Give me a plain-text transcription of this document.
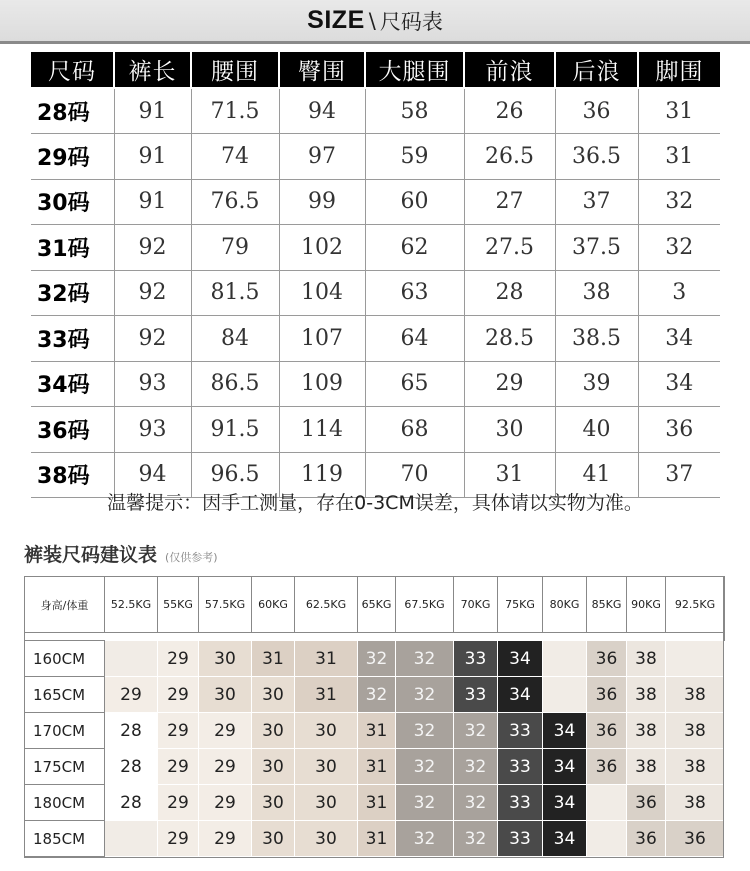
SIZE \ 尺码表
尺码	裤长	腰围	臀围	大腿围	前浪	后浪	脚围
28码	91	71.5	94	58	26	36	31
29码	91	74	97	59	26.5	36.5	31
30码	91	76.5	99	60	27	37	32
31码	92	79	102	62	27.5	37.5	32
32码	92	81.5	104	63	28	38	3
33码	92	84	107	64	28.5	38.5	34
34码	93	86.5	109	65	29	39	34
36码	93	91.5	114	68	30	40	36
38码	94	96.5	119	70	31	41	37
温馨提示：因手工测量，存在0-3CM误差，具体请以实物为准。
裤装尺码建议表 (仅供参考)
身高/体重	52.5KG	55KG	57.5KG	60KG	62.5KG	65KG	67.5KG	70KG	75KG	80KG	85KG	90KG	92.5KG

160CM		29	30	31	31	32	32	33	34		36	38	
165CM	29	29	30	30	31	32	32	33	34		36	38	38
170CM	28	29	29	30	30	31	32	32	33	34	36	38	38
175CM	28	29	29	30	30	31	32	32	33	34	36	38	38
180CM	28	29	29	30	30	31	32	32	33	34		36	38
185CM		29	29	30	30	31	32	32	33	34		36	36
